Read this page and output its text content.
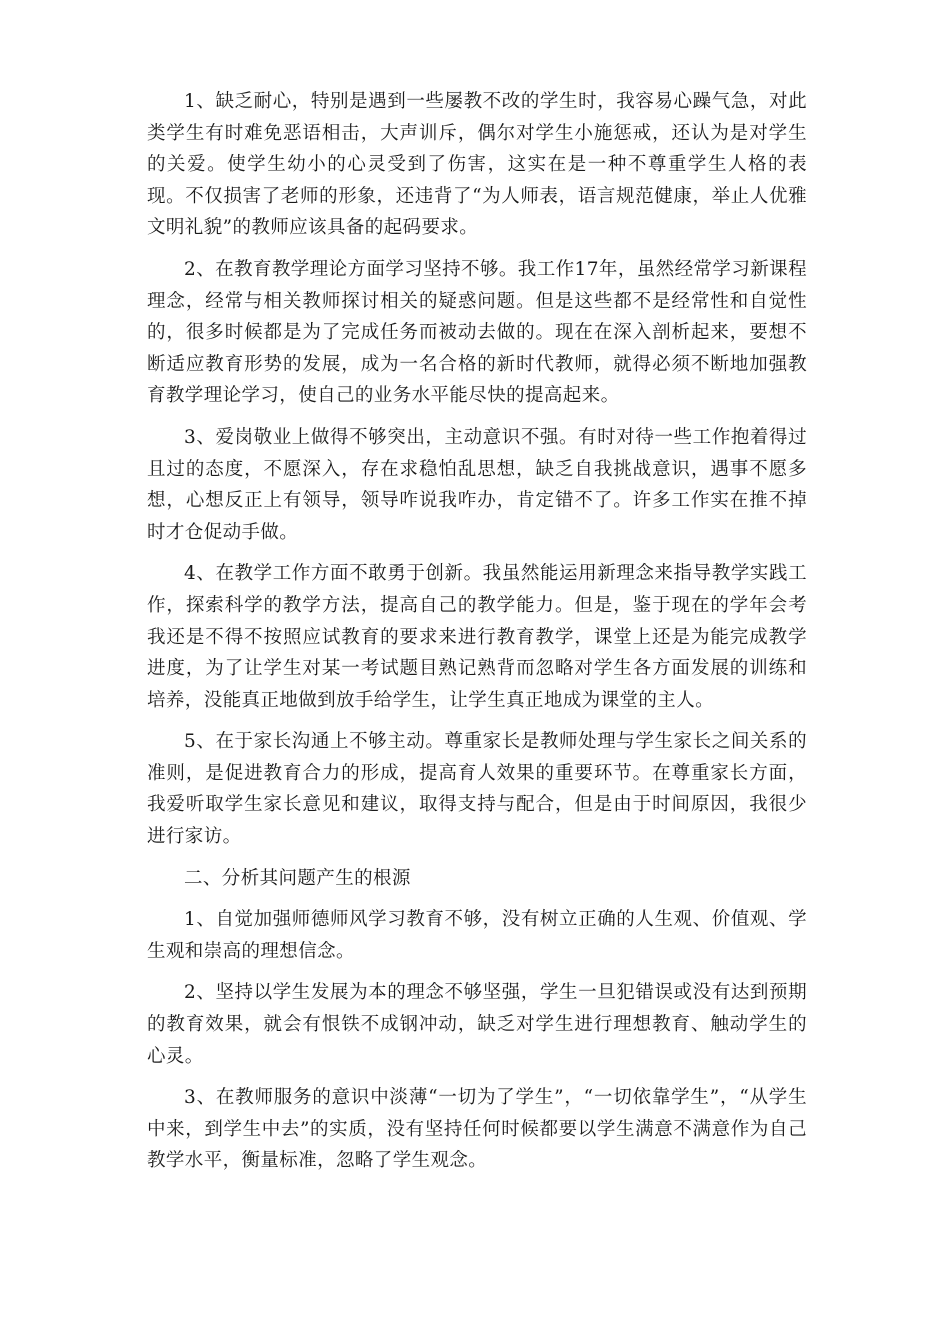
1、缺乏耐心，特别是遇到一些屡教不改的学生时，我容易心躁气急，对此类学生有时难免恶语相击，大声训斥，偶尔对学生小施惩戒，还认为是对学生的关爱。使学生幼小的心灵受到了伤害，这实在是一种不尊重学生人格的表现。不仅损害了老师的形象，还违背了“为人师表，语言规范健康，举止人优雅文明礼貌”的教师应该具备的起码要求。

2、在教育教学理论方面学习坚持不够。我工作17年，虽然经常学习新课程理念，经常与相关教师探讨相关的疑惑问题。但是这些都不是经常性和自觉性的，很多时候都是为了完成任务而被动去做的。现在在深入剖析起来，要想不断适应教育形势的发展，成为一名合格的新时代教师，就得必须不断地加强教育教学理论学习，使自己的业务水平能尽快的提高起来。

3、爱岗敬业上做得不够突出，主动意识不强。有时对待一些工作抱着得过且过的态度，不愿深入，存在求稳怕乱思想，缺乏自我挑战意识，遇事不愿多想，心想反正上有领导，领导咋说我咋办，肯定错不了。许多工作实在推不掉时才仓促动手做。

4、在教学工作方面不敢勇于创新。我虽然能运用新理念来指导教学实践工作，探索科学的教学方法，提高自己的教学能力。但是，鉴于现在的学年会考我还是不得不按照应试教育的要求来进行教育教学，课堂上还是为能完成教学进度，为了让学生对某一考试题目熟记熟背而忽略对学生各方面发展的训练和培养，没能真正地做到放手给学生，让学生真正地成为课堂的主人。

5、在于家长沟通上不够主动。尊重家长是教师处理与学生家长之间关系的准则，是促进教育合力的形成，提高育人效果的重要环节。在尊重家长方面，我爱听取学生家长意见和建议，取得支持与配合，但是由于时间原因，我很少进行家访。

二、分析其问题产生的根源

1、自觉加强师德师风学习教育不够，没有树立正确的人生观、价值观、学生观和崇高的理想信念。

2、坚持以学生发展为本的理念不够坚强，学生一旦犯错误或没有达到预期的教育效果，就会有恨铁不成钢冲动，缺乏对学生进行理想教育、触动学生的心灵。

3、在教师服务的意识中淡薄“一切为了学生”，“一切依靠学生”，“从学生中来，到学生中去”的实质，没有坚持任何时候都要以学生满意不满意作为自己教学水平，衡量标准，忽略了学生观念。
